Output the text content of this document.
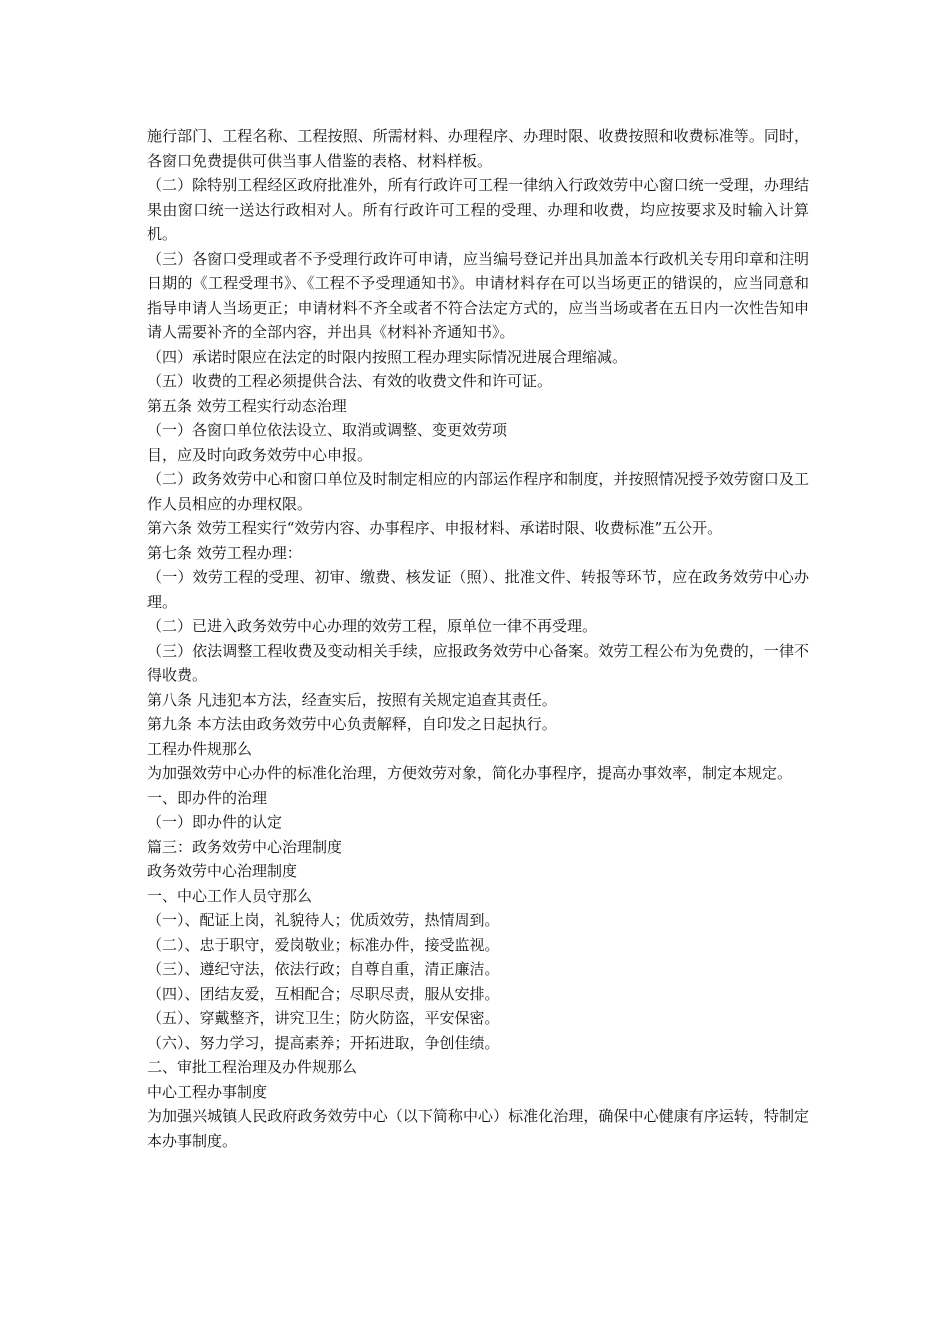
施行部门、工程名称、工程按照、所需材料、办理程序、办理时限、收费按照和收费标准等。同时，各窗口免费提供可供当事人借鉴的表格、材料样板。

（二）除特别工程经区政府批准外，所有行政许可工程一律纳入行政效劳中心窗口统一受理，办理结果由窗口统一送达行政相对人。所有行政许可工程的受理、办理和收费，均应按要求及时输入计算机。

（三）各窗口受理或者不予受理行政许可申请，应当编号登记并出具加盖本行政机关专用印章和注明日期的《工程受理书》、《工程不予受理通知书》。申请材料存在可以当场更正的错误的，应当同意和指导申请人当场更正；申请材料不齐全或者不符合法定方式的，应当当场或者在五日内一次性告知申请人需要补齐的全部内容，并出具《材料补齐通知书》。

（四）承诺时限应在法定的时限内按照工程办理实际情况进展合理缩减。

（五）收费的工程必须提供合法、有效的收费文件和许可证。

第五条 效劳工程实行动态治理

（一）各窗口单位依法设立、取消或调整、变更效劳项

目，应及时向政务效劳中心申报。

（二）政务效劳中心和窗口单位及时制定相应的内部运作程序和制度，并按照情况授予效劳窗口及工作人员相应的办理权限。

第六条 效劳工程实行“效劳内容、办事程序、申报材料、承诺时限、收费标准”五公开。

第七条 效劳工程办理：

（一）效劳工程的受理、初审、缴费、核发证（照）、批准文件、转报等环节，应在政务效劳中心办理。

（二）已进入政务效劳中心办理的效劳工程，原单位一律不再受理。

（三）依法调整工程收费及变动相关手续，应报政务效劳中心备案。效劳工程公布为免费的，一律不得收费。

第八条 凡违犯本方法，经查实后，按照有关规定追查其责任。

第九条 本方法由政务效劳中心负责解释，自印发之日起执行。

工程办件规那么

为加强效劳中心办件的标准化治理，方便效劳对象，简化办事程序，提高办事效率，制定本规定。

一、即办件的治理

（一）即办件的认定

篇三：政务效劳中心治理制度

政务效劳中心治理制度

一、中心工作人员守那么

（一）、配证上岗，礼貌待人；优质效劳，热情周到。

（二）、忠于职守，爱岗敬业；标准办件，接受监视。

（三）、遵纪守法，依法行政；自尊自重，清正廉洁。

（四）、团结友爱，互相配合；尽职尽责，服从安排。

（五）、穿戴整齐，讲究卫生；防火防盗，平安保密。

（六）、努力学习，提高素养；开拓进取，争创佳绩。

二、审批工程治理及办件规那么

中心工程办事制度

为加强兴城镇人民政府政务效劳中心（以下简称中心）标准化治理，确保中心健康有序运转，特制定本办事制度。
